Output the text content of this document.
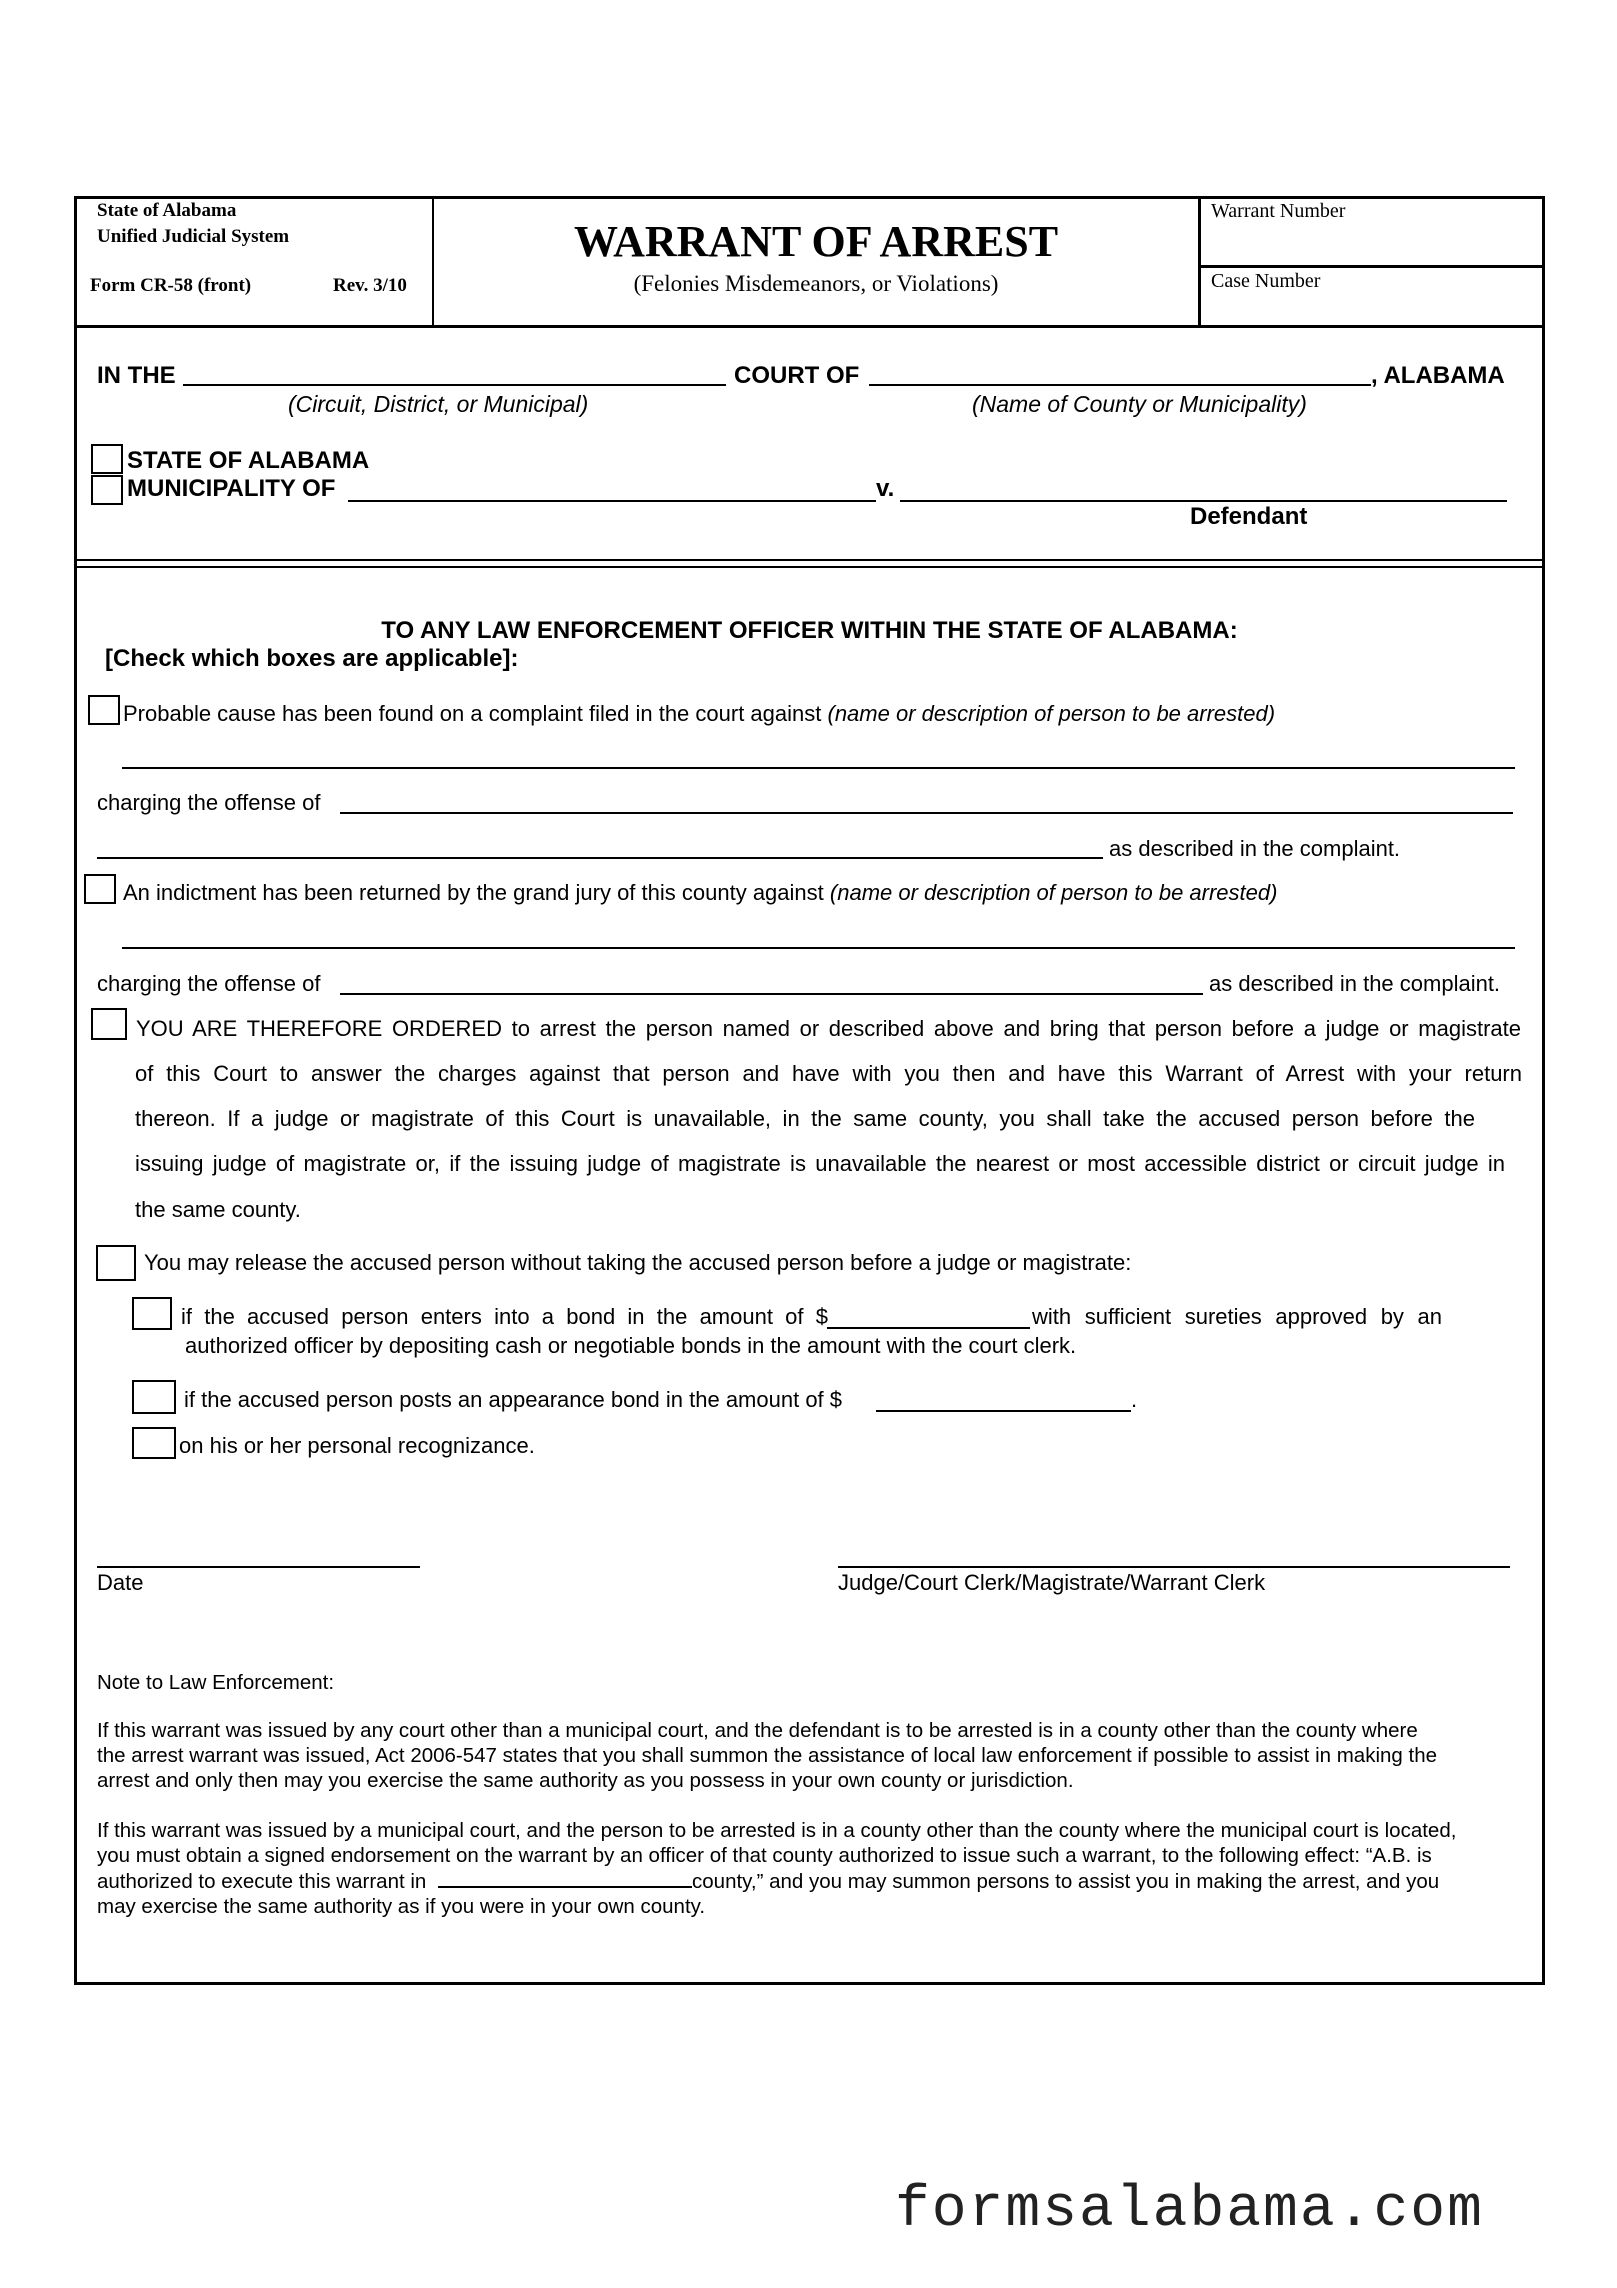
State of Alabama
Unified Judicial System
Form CR-58 (front)	Rev. 3/10
WARRANT OF ARREST
(Felonies Misdemeanors, or Violations)
Warrant Number
Case Number
IN THE	COURT OF	, ALABAMA
(Circuit, District, or Municipal)	(Name of County or Municipality)
STATE OF ALABAMA
MUNICIPALITY OF	v.
Defendant
TO ANY LAW ENFORCEMENT OFFICER WITHIN THE STATE OF ALABAMA:
[Check which boxes are applicable]:
Probable cause has been found on a complaint filed in the court against (name or description of person to be arrested)
charging the offense of
as described in the complaint.
An indictment has been returned by the grand jury of this county against (name or description of person to be arrested)
charging the offense of	as described in the complaint.
YOU ARE THEREFORE ORDERED to arrest the person named or described above and bring that person before a judge or magistrate
of this Court to answer the charges against that person and have with you then and have this Warrant of Arrest with your return
thereon. If a judge or magistrate of this Court is unavailable, in the same county, you shall take the accused person before the
issuing judge of magistrate or, if the issuing judge of magistrate is unavailable the nearest or most accessible district or circuit judge in
the same county.
You may release the accused person without taking the accused person before a judge or magistrate:
if the accused person enters into a bond in the amount of $	with sufficient sureties approved by an
authorized officer by depositing cash or negotiable bonds in the amount with the court clerk.
if the accused person posts an appearance bond in the amount of $	.
on his or her personal recognizance.
Date	Judge/Court Clerk/Magistrate/Warrant Clerk
Note to Law Enforcement:
If this warrant was issued by any court other than a municipal court, and the defendant is to be arrested is in a county other than the county where
the arrest warrant was issued, Act 2006-547 states that you shall summon the assistance of local law enforcement if possible to assist in making the
arrest and only then may you exercise the same authority as you possess in your own county or jurisdiction.
If this warrant was issued by a municipal court, and the person to be arrested is in a county other than the county where the municipal court is located,
you must obtain a signed endorsement on the warrant by an officer of that county authorized to issue such a warrant, to the following effect: “A.B. is
authorized to execute this warrant in	county,” and you may summon persons to assist you in making the arrest, and you
may exercise the same authority as if you were in your own county.
formsalabama.com
